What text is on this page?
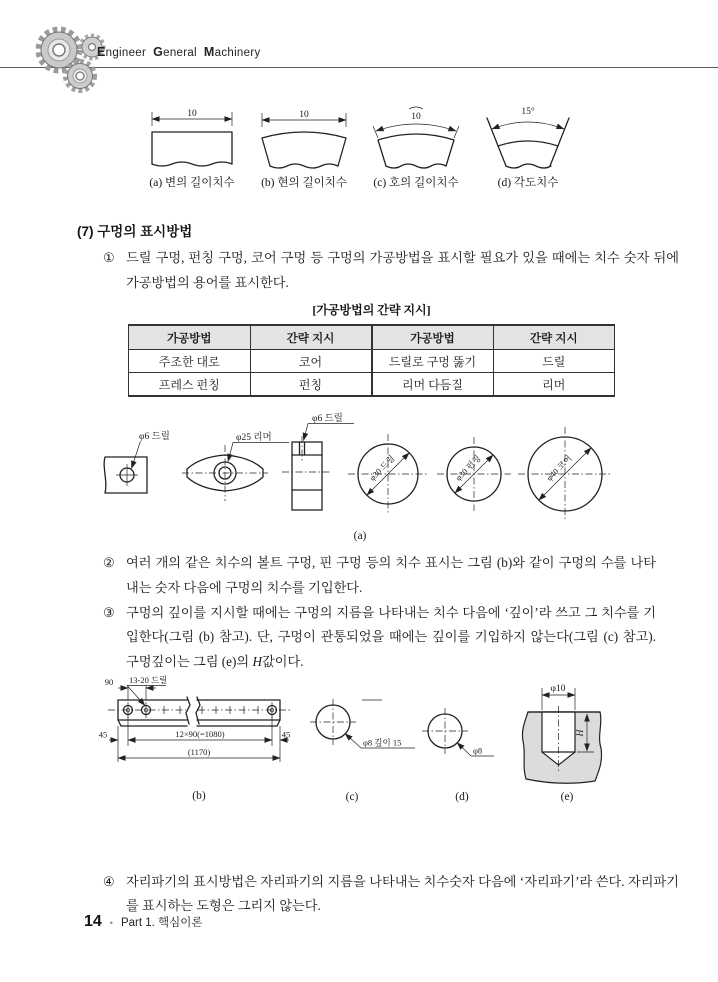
Engineer General Machinery
10
(a) 변의 길이치수
10
(b) 현의 길이치수
10
(c) 호의 길이치수
15°
(d) 각도치수
(7) 구멍의 표시방법
① 드릴 구멍, 펀칭 구멍, 코어 구멍 등 구멍의 가공방법을 표시할 필요가 있을 때에는 치수 숫자 뒤에 가공방법의 용어를 표시한다.
[가공방법의 간략 지시]
가공방법	간략 지시	가공방법	간략 지시
주조한 대로	코어	드릴로 구멍 뚫기	드릴
프레스 펀칭	펀칭	리머 다듬질	리머
φ6 드릴	φ25 리머
φ6 드릴
φ30 드릴	φ30 펀칭	φ40 코어
(a)
② 여러 개의 같은 치수의 볼트 구멍, 핀 구멍 등의 치수 표시는 그림 (b)와 같이 구멍의 수를 나타내는 숫자 다음에 구멍의 치수를 기입한다.
③ 구멍의 깊이를 지시할 때에는 구멍의 지름을 나타내는 치수 다음에 ‘깊이’라 쓰고 그 치수를 기입한다(그림 (b) 참고). 단, 구멍이 관통되었을 때에는 깊이를 기입하지 않는다(그림 (c) 참고). 구멍깊이는 그림 (e)의 H값이다.
90 13-20 드릴
45	12×90(=1080)	45
(1170)
(b)
φ8 깊이 15
(c)
φ8
(d)
φ10
H
(e)
④ 자리파기의 표시방법은 자리파기의 지름을 나타내는 치수숫자 다음에 ‘자리파기’라 쓴다. 자리파기를 표시하는 도형은 그리지 않는다.
14 • Part 1. 핵심이론
